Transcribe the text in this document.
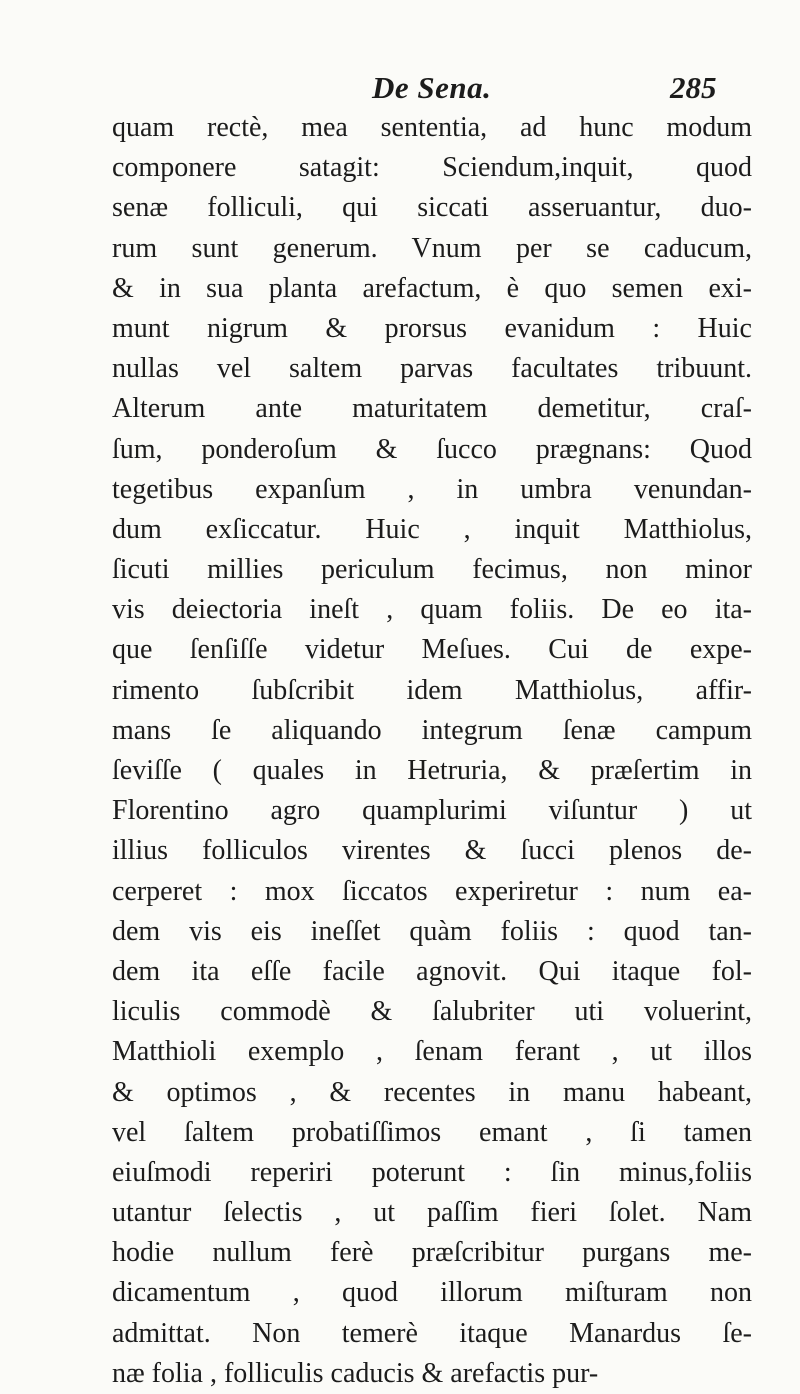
De Sena.	285
quam rectè, mea sententia, ad hunc modum
componere satagit: Sciendum,inquit, quod
senæ folliculi, qui siccati asseruantur, duo-
rum sunt generum. Vnum per se caducum,
& in sua planta arefactum, è quo semen exi-
munt nigrum & prorsus evanidum : Huic
nullas vel saltem parvas facultates tribuunt.
Alterum ante maturitatem demetitur, craſ-
ſum, ponderoſum & ſucco prægnans: Quod
tegetibus expanſum , in umbra venundan-
dum exſiccatur. Huic , inquit Matthiolus,
ſicuti millies periculum fecimus, non minor
vis deiectoria ineſt , quam foliis. De eo ita-
que ſenſiſſe videtur Meſues. Cui de expe-
rimento ſubſcribit idem Matthiolus, affir-
mans ſe aliquando integrum ſenæ campum
ſeviſſe ( quales in Hetruria, & prӕſertim in
Florentino agro quamplurimi viſuntur ) ut
illius folliculos virentes & ſucci plenos de-
cerperet : mox ſiccatos experiretur : num ea-
dem vis eis ineſſet quàm foliis : quod tan-
dem ita eſſe facile agnovit. Qui itaque fol-
liculis commodè & ſalubriter uti voluerint,
Matthioli exemplo , ſenam ferant , ut illos
& optimos , & recentes in manu habeant,
vel ſaltem probatiſſimos emant , ſi tamen
eiuſmodi reperiri poterunt : ſin minus,foliis
utantur ſelectis , ut paſſim fieri ſolet. Nam
hodie nullum ferè prӕſcribitur purgans me-
dicamentum , quod illorum miſturam non
admittat. Non temerè itaque Manardus ſe-
næ folia , folliculis caducis & arefactis pur-
